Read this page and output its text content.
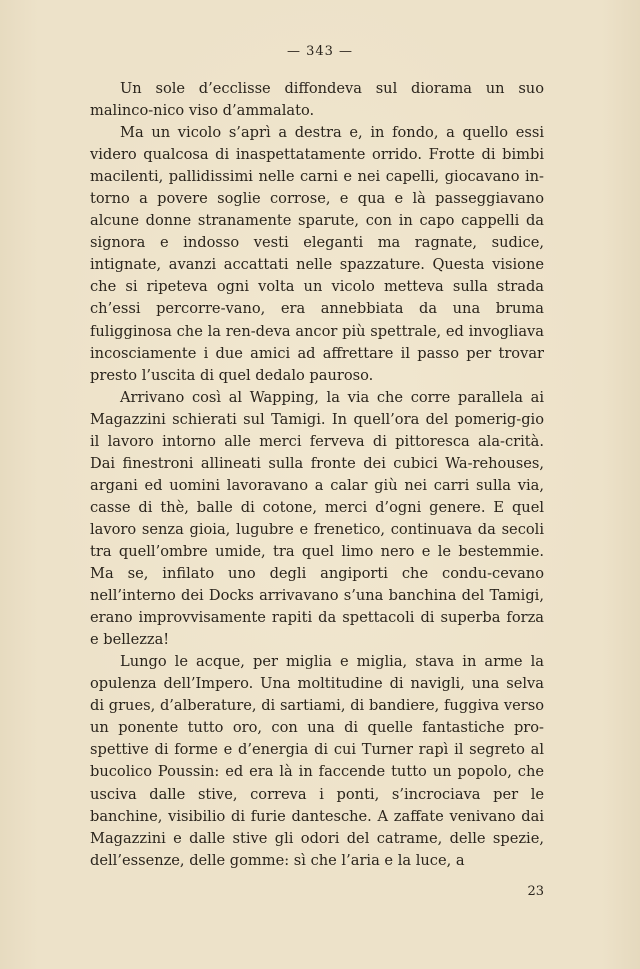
— 343 —

Un sole d’ecclisse diffondeva sul diorama un suo malinco-nico viso d’ammalato.

Ma un vicolo s’aprì a destra e, in fondo, a quello essi videro qualcosa di inaspettatamente orrido. Frotte di bimbi macilenti, pallidissimi nelle carni e nei capelli, giocavano in-torno a povere soglie corrose, e qua e là passeggiavano alcune donne stranamente sparute, con in capo cappelli da signora e indosso vesti eleganti ma ragnate, sudice, intignate, avanzi accattati nelle spazzature. Questa visione che si ripeteva ogni volta un vicolo metteva sulla strada ch’essi percorre-vano, era annebbiata da una bruma fuligginosa che la ren-deva ancor più spettrale, ed invogliava incosciamente i due amici ad affrettare il passo per trovar presto l’uscita di quel dedalo pauroso.

Arrivano così al Wapping, la via che corre parallela ai Magazzini schierati sul Tamigi. In quell’ora del pomerig-gio il lavoro intorno alle merci ferveva di pittoresca ala-crità. Dai finestroni allineati sulla fronte dei cubici Wa-rehouses, argani ed uomini lavoravano a calar giù nei carri sulla via, casse di thè, balle di cotone, merci d’ogni genere. E quel lavoro senza gioia, lugubre e frenetico, continuava da secoli tra quell’ombre umide, tra quel limo nero e le bestemmie. Ma se, infilato uno degli angiporti che condu-cevano nell’interno dei Docks arrivavano s’una banchina del Tamigi, erano improvvisamente rapiti da spettacoli di superba forza e bellezza!

Lungo le acque, per miglia e miglia, stava in arme la opulenza dell’Impero. Una moltitudine di navigli, una selva di grues, d’alberature, di sartiami, di bandiere, fuggiva verso un ponente tutto oro, con una di quelle fantastiche pro-spettive di forme e d’energia di cui Turner rapì il segreto al bucolico Poussin: ed era là in faccende tutto un popolo, che usciva dalle stive, correva i ponti, s’incrociava per le banchine, visibilio di furie dantesche. A zaffate venivano dai Magazzini e dalle stive gli odori del catrame, delle spezie, dell’essenze, delle gomme: sì che l’aria e la luce, a

23
